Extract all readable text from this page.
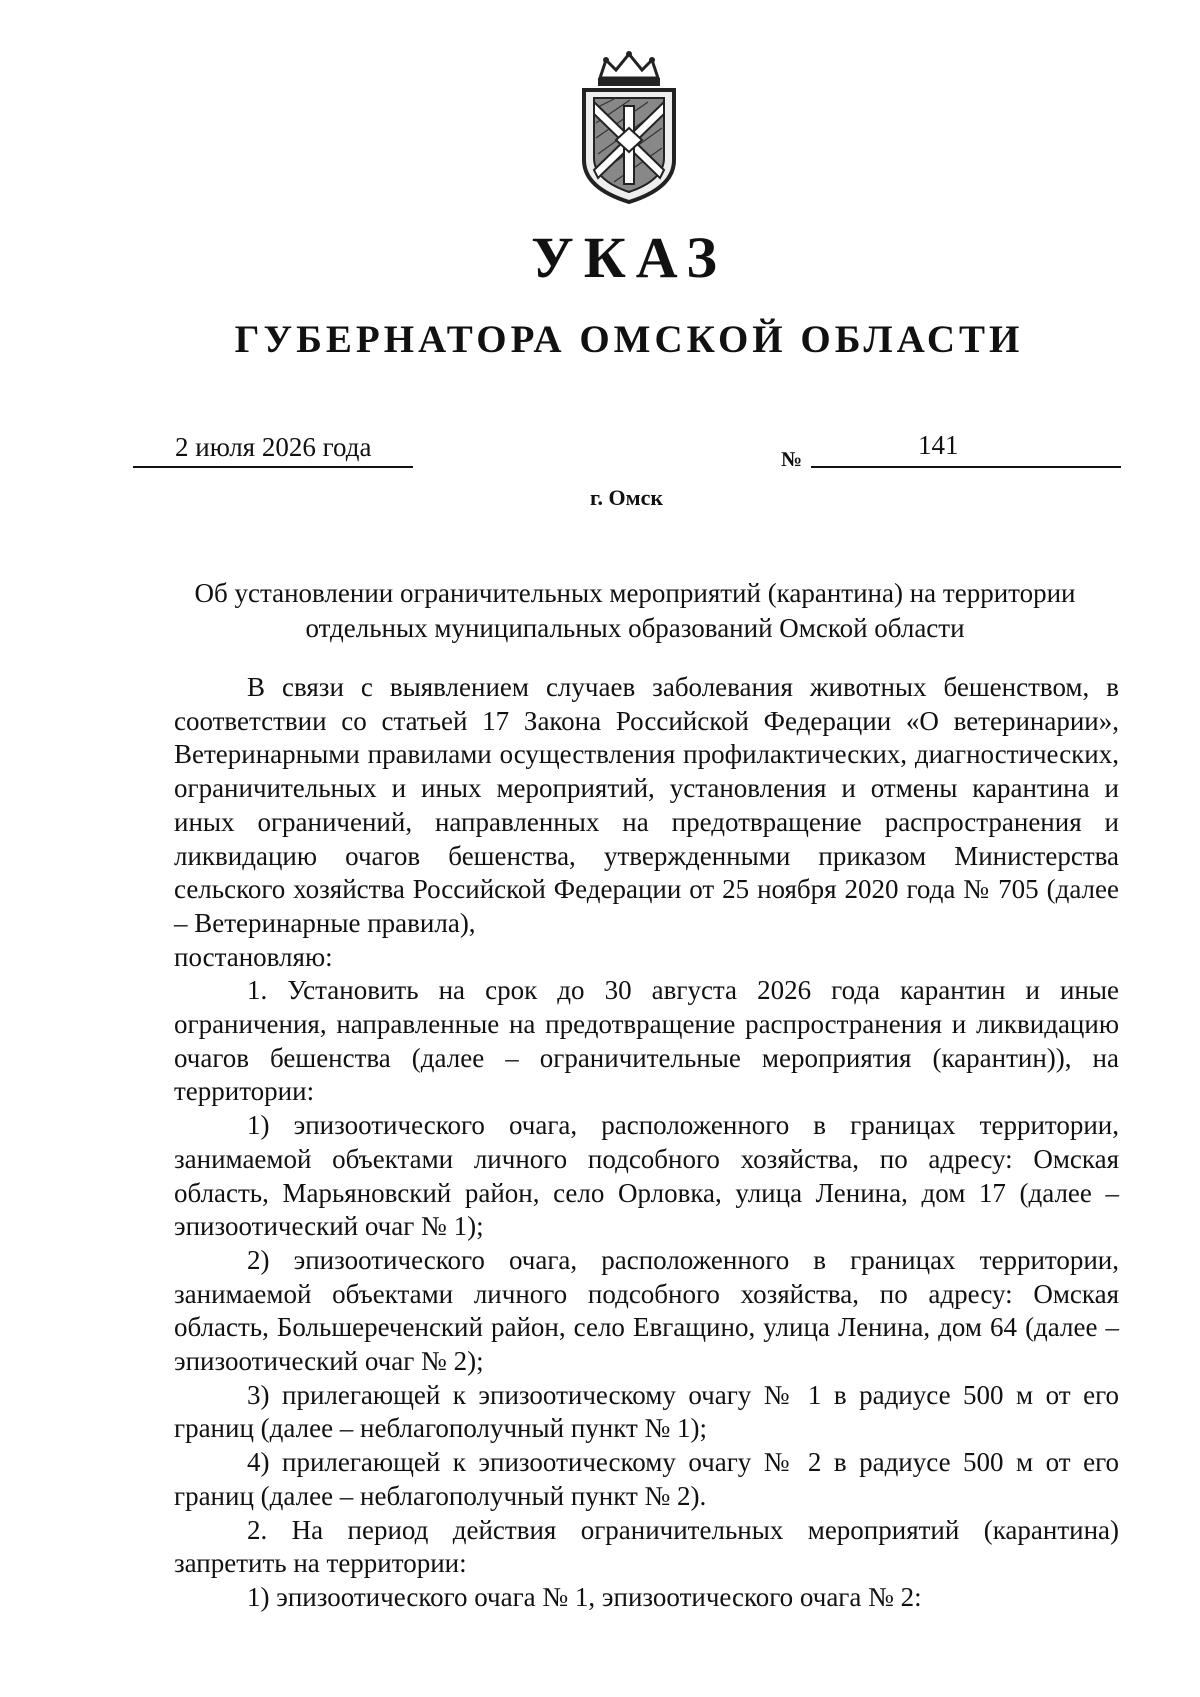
УКАЗ
ГУБЕРНАТОРА ОМСКОЙ ОБЛАСТИ
2 июля 2026 года	№	141
г. Омск
Об установлении ограничительных мероприятий (карантина) на территории
отдельных муниципальных образований Омской области

В связи с выявлением случаев заболевания животных бешенством, в соответствии со статьей 17 Закона Российской Федерации «О ветеринарии», Ветеринарными правилами осуществления профилактических, диагностических, ограничительных и иных мероприятий, установления и отмены карантина и иных ограничений, направленных на предотвращение распространения и ликвидацию очагов бешенства, утвержденными приказом Министерства сельского хозяйства Российской Федерации от 25 ноября 2020 года № 705 (далее – Ветеринарные правила),

постановляю:

1. Установить на срок до 30 августа 2026 года карантин и иные ограничения, направленные на предотвращение распространения и ликвидацию очагов бешенства (далее – ограничительные мероприятия (карантин)), на территории:

1) эпизоотического очага, расположенного в границах территории, занимаемой объектами личного подсобного хозяйства, по адресу: Омская область, Марьяновский район, село Орловка, улица Ленина, дом 17 (далее – эпизоотический очаг № 1);

2) эпизоотического очага, расположенного в границах территории, занимаемой объектами личного подсобного хозяйства, по адресу: Омская область, Большереченский район, село Евгащино, улица Ленина, дом 64 (далее – эпизоотический очаг № 2);

3) прилегающей к эпизоотическому очагу № 1 в радиусе 500 м от его границ (далее – неблагополучный пункт № 1);

4) прилегающей к эпизоотическому очагу № 2 в радиусе 500 м от его границ (далее – неблагополучный пункт № 2).

2. На период действия ограничительных мероприятий (карантина) запретить на территории:

1) эпизоотического очага № 1, эпизоотического очага № 2:
